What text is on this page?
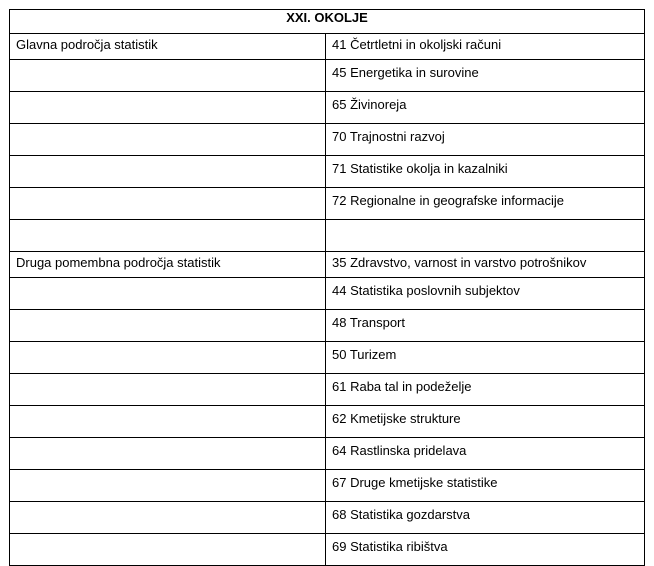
XXI. OKOLJE	
Glavna področja statistik	41 Četrtletni in okoljski računi
	45 Energetika in surovine
	65 Živinoreja
	70 Trajnostni razvoj
	71 Statistike okolja in kazalniki
	72 Regionalne in geografske informacije

Druga pomembna področja statistik	35 Zdravstvo, varnost in varstvo potrošnikov
	44 Statistika poslovnih subjektov
	48 Transport
	50 Turizem
	61 Raba tal in podeželje
	62 Kmetijske strukture
	64 Rastlinska pridelava
	67 Druge kmetijske statistike
	68 Statistika gozdarstva
	69 Statistika ribištva
